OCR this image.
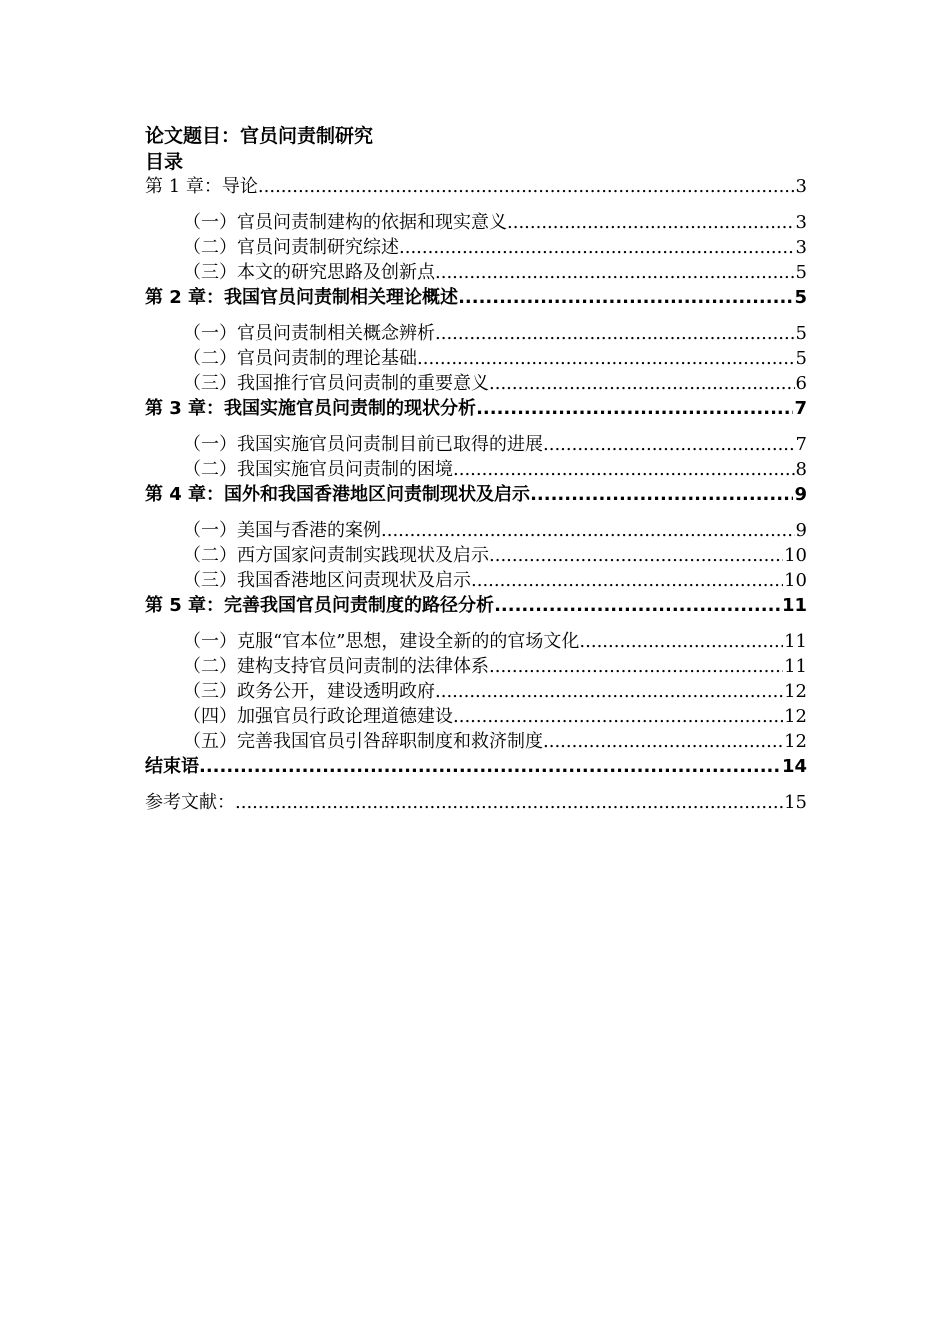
论文题目：官员问责制研究
目录
第 1 章：导论 .....	3
（一）官员问责制建构的依据和现实意义 .....	3
（二）官员问责制研究综述 .....	3
（三）本文的研究思路及创新点 .....	5
第 2 章：我国官员问责制相关理论概述 .....	5
（一）官员问责制相关概念辨析 .....	5
（二）官员问责制的理论基础 .....	5
（三）我国推行官员问责制的重要意义 .....	6
第 3 章：我国实施官员问责制的现状分析 .....	7
（一）我国实施官员问责制目前已取得的进展 .....	7
（二）我国实施官员问责制的困境 .....	8
第 4 章：国外和我国香港地区问责制现状及启示 .....	9
（一）美国与香港的案例 .....	9
（二）西方国家问责制实践现状及启示 .....	10
（三）我国香港地区问责现状及启示 .....	10
第 5 章：完善我国官员问责制度的路径分析 .....	11
（一）克服“官本位”思想，建设全新的的官场文化 .....	11
（二）建构支持官员问责制的法律体系 .....	11
（三）政务公开，建设透明政府 .....	12
（四）加强官员行政论理道德建设 .....	12
（五）完善我国官员引咎辞职制度和救济制度 .....	12
结束语 .....	14
参考文献： .....	15
